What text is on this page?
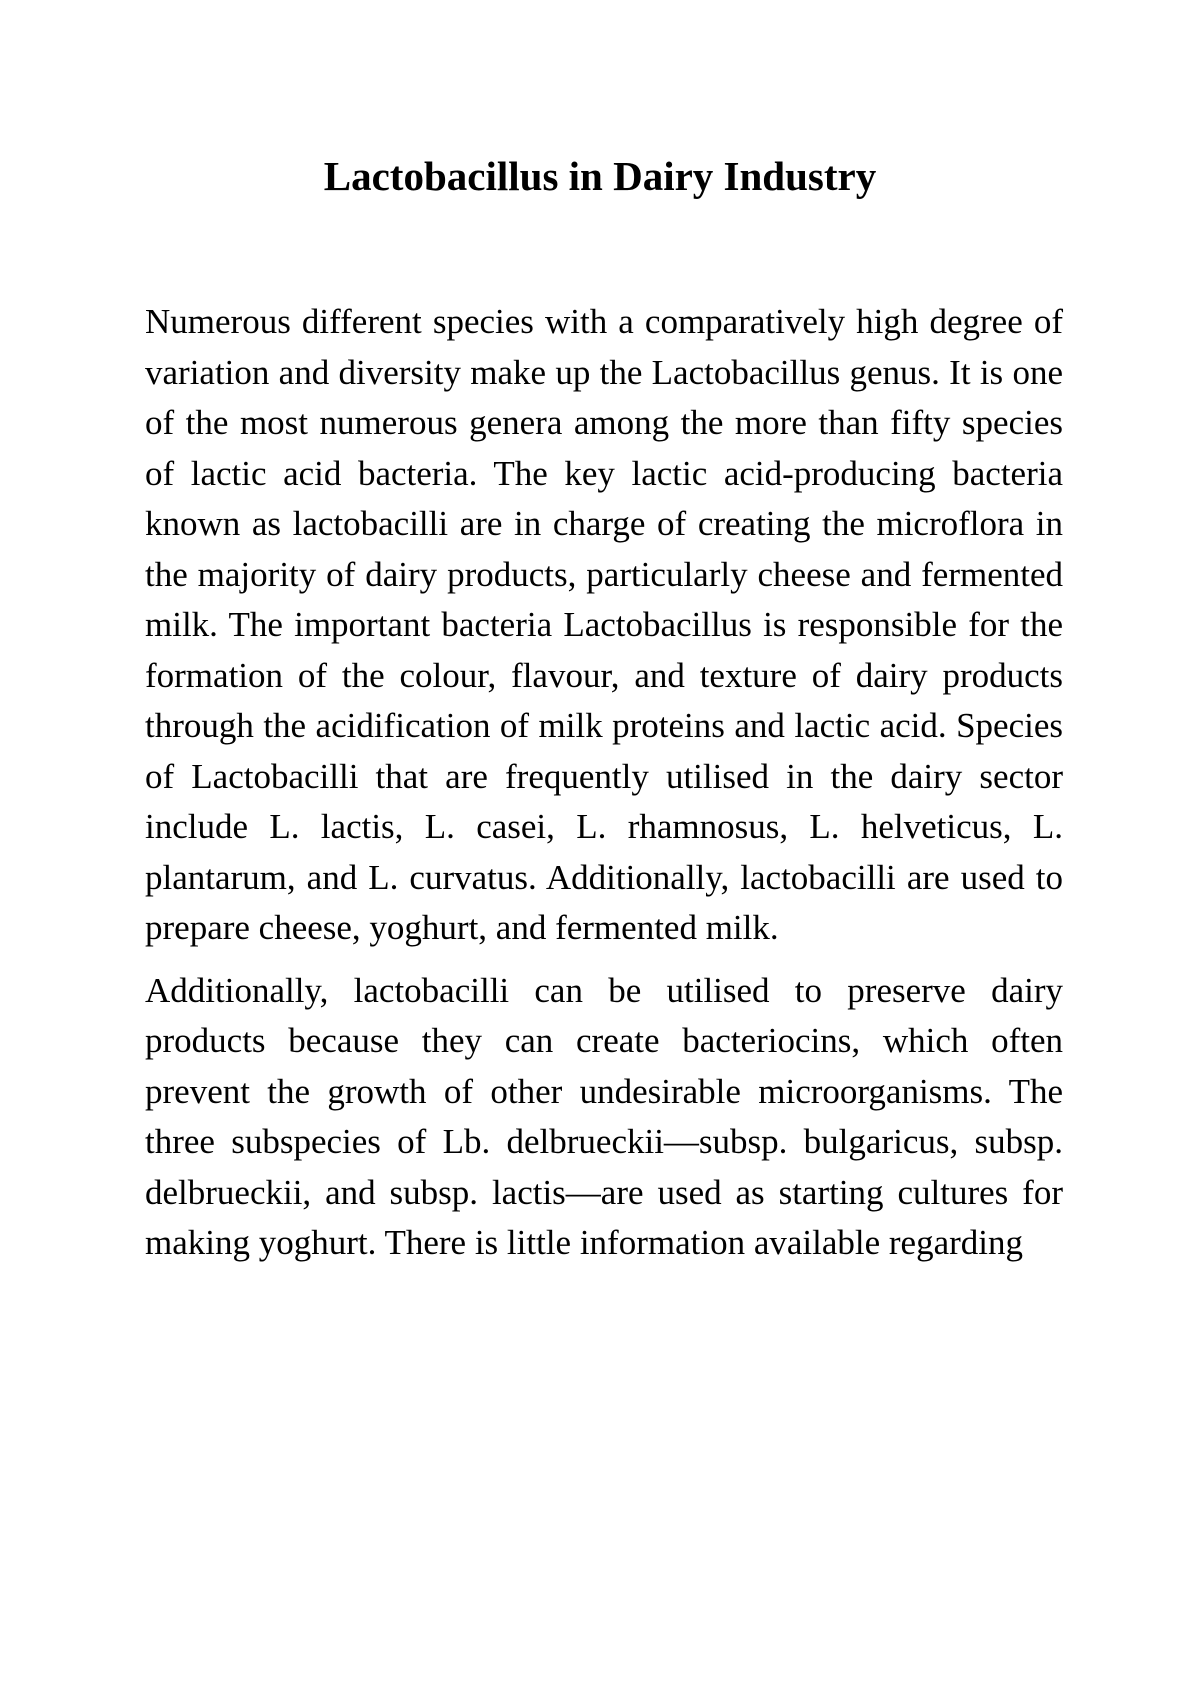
Lactobacillus in Dairy Industry

Numerous different species with a comparatively high degree of variation and diversity make up the Lactobacillus genus. It is one of the most numerous genera among the more than fifty species of lactic acid bacteria. The key lactic acid-producing bacteria known as lactobacilli are in charge of creating the microflora in the majority of dairy products, particularly cheese and fermented milk. The important bacteria Lactobacillus is responsible for the formation of the colour, flavour, and texture of dairy products through the acidification of milk proteins and lactic acid. Species of Lactobacilli that are frequently utilised in the dairy sector include L. lactis, L. casei, L. rhamnosus, L. helveticus, L. plantarum, and L. curvatus. Additionally, lactobacilli are used to prepare cheese, yoghurt, and fermented milk.

Additionally, lactobacilli can be utilised to preserve dairy products because they can create bacteriocins, which often prevent the growth of other undesirable microorganisms. The three subspecies of Lb. delbrueckii—subsp. bulgaricus, subsp. delbrueckii, and subsp. lactis—are used as starting cultures for making yoghurt. There is little information available regarding
